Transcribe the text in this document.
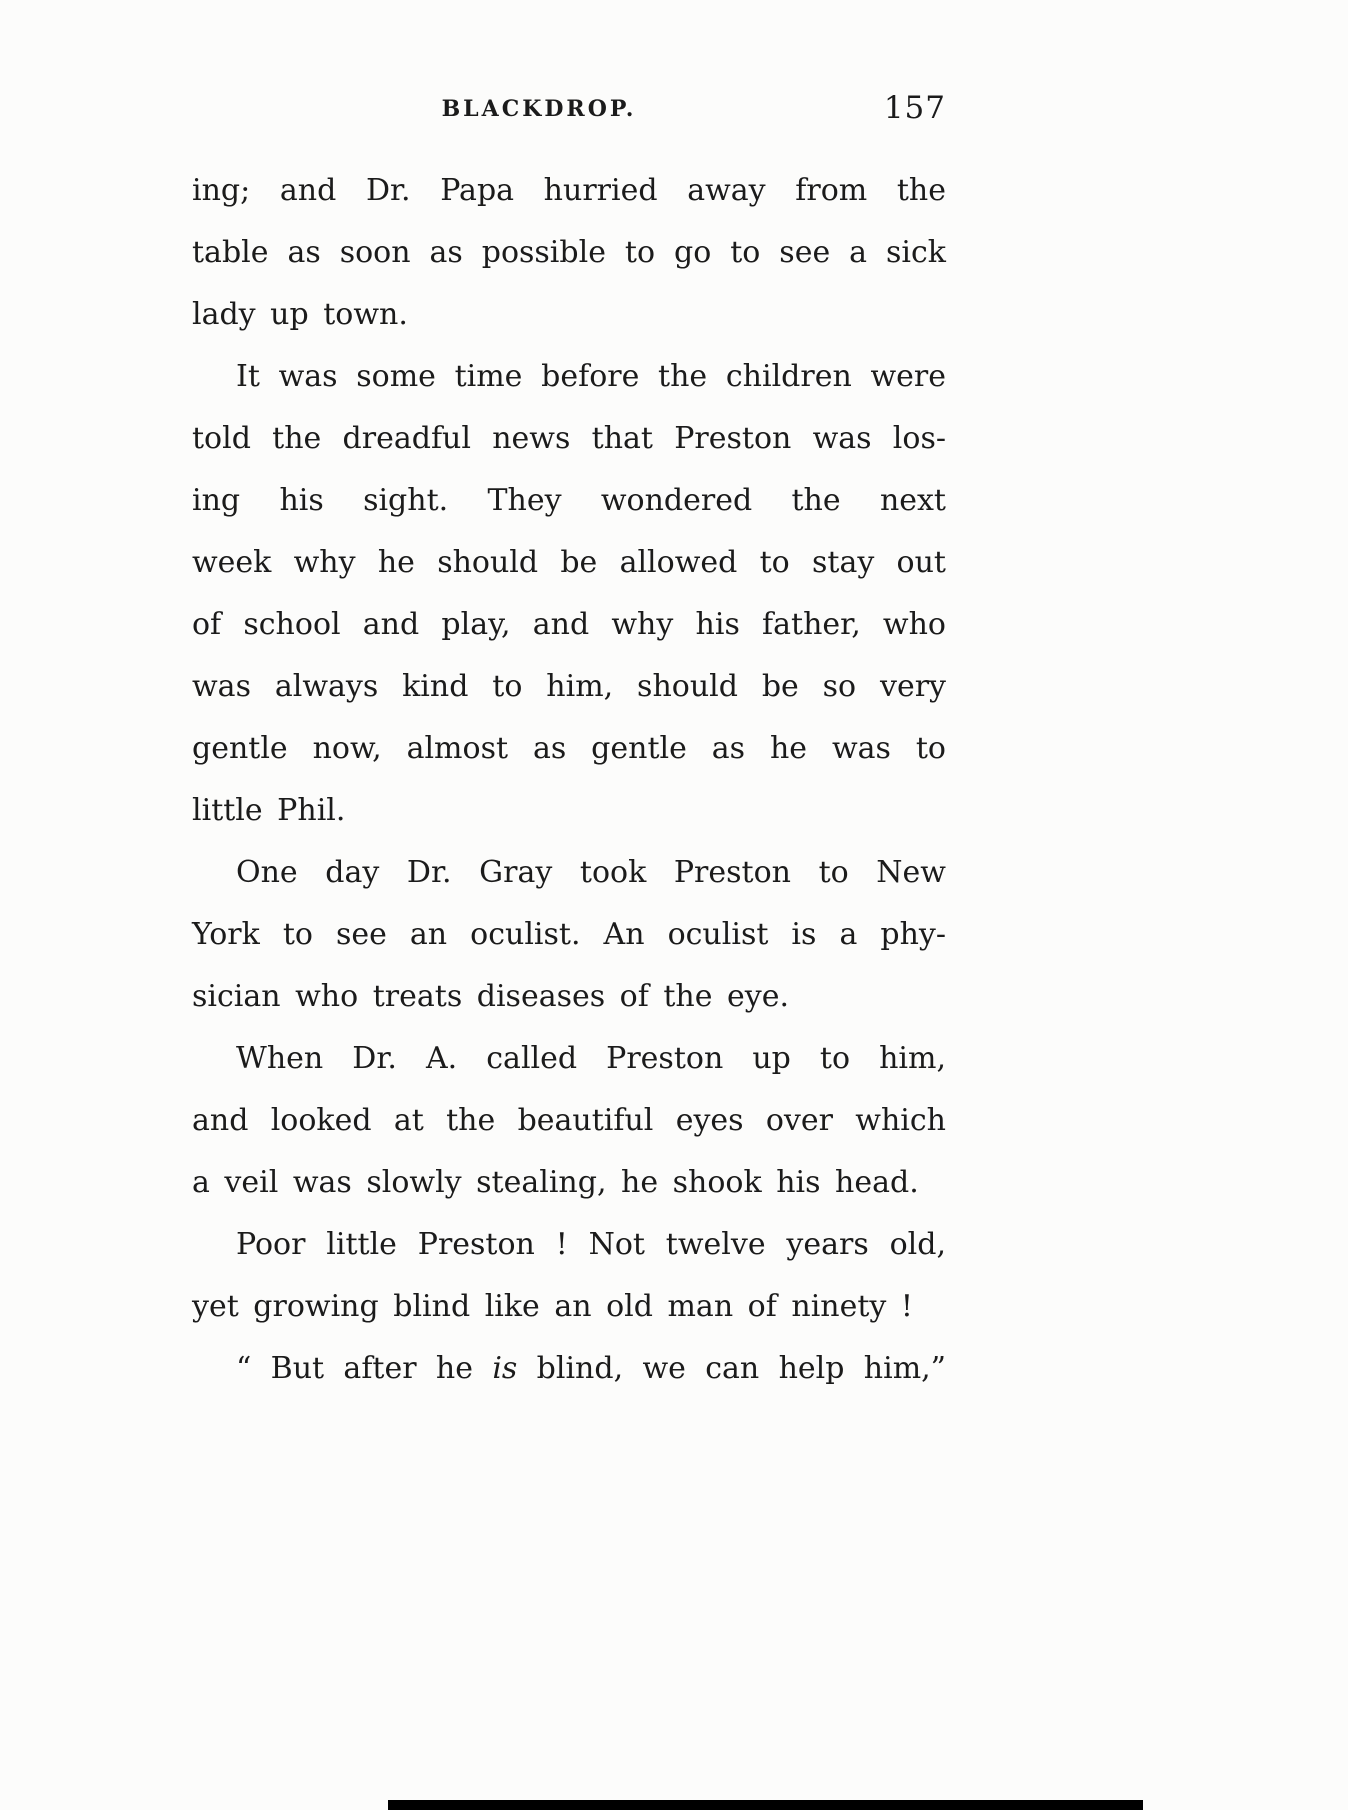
BLACKDROP.	157
ing; and Dr. Papa hurried away from the
table as soon as possible to go to see a sick
lady up town.
It was some time before the children were
told the dreadful news that Preston was los-
ing his sight. They wondered the next
week why he should be allowed to stay out
of school and play, and why his father, who
was always kind to him, should be so very
gentle now, almost as gentle as he was to
little Phil.
One day Dr. Gray took Preston to New
York to see an oculist. An oculist is a phy-
sician who treats diseases of the eye.
When Dr. A. called Preston up to him,
and looked at the beautiful eyes over which
a veil was slowly stealing, he shook his head.
Poor little Preston ! Not twelve years old,
yet growing blind like an old man of ninety !
“ But after he is blind, we can help him,”
